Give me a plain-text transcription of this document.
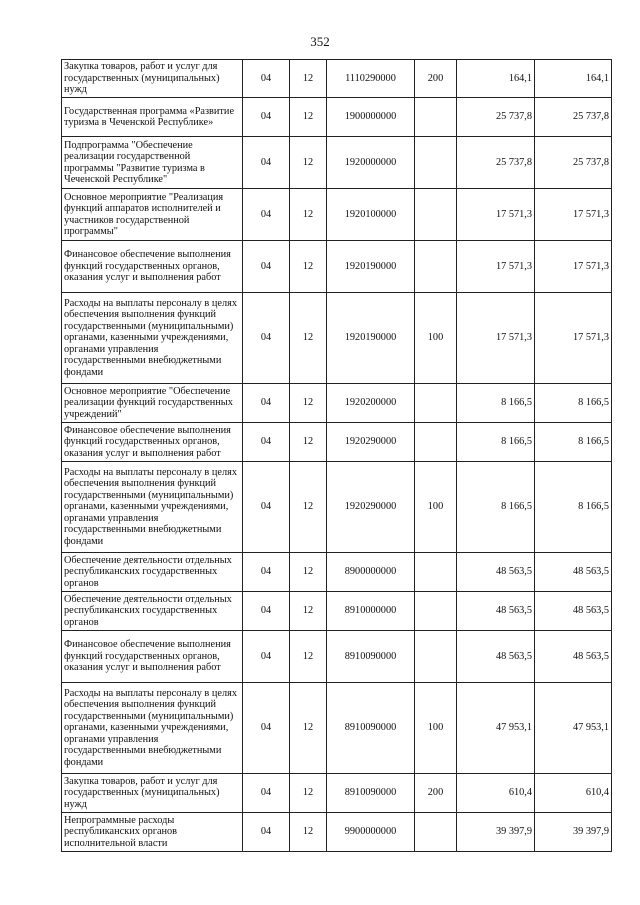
352
Закупка товаров, работ и услуг для государственных (муниципальных) нужд	04	12	1110290000	200	164,1	164,1
Государственная программа «Развитие туризма в Чеченской Республике»	04	12	1900000000		25 737,8	25 737,8
Подпрограмма "Обеспечение реализации государственной программы "Развитие туризма в Чеченской Республике"	04	12	1920000000		25 737,8	25 737,8
Основное мероприятие "Реализация функций аппаратов исполнителей и участников государственной программы"	04	12	1920100000		17 571,3	17 571,3
Финансовое обеспечение выполнения функций государственных органов, оказания услуг и выполнения работ	04	12	1920190000		17 571,3	17 571,3
Расходы на выплаты персоналу в целях обеспечения выполнения функций государственными (муниципальными) органами, казенными учреждениями, органами управления государственными внебюджетными фондами	04	12	1920190000	100	17 571,3	17 571,3
Основное мероприятие "Обеспечение реализации функций государственных учреждений"	04	12	1920200000		8 166,5	8 166,5
Финансовое обеспечение выполнения функций государственных органов, оказания услуг и выполнения работ	04	12	1920290000		8 166,5	8 166,5
Расходы на выплаты персоналу в целях обеспечения выполнения функций государственными (муниципальными) органами, казенными учреждениями, органами управления государственными внебюджетными фондами	04	12	1920290000	100	8 166,5	8 166,5
Обеспечение деятельности отдельных республиканских государственных органов	04	12	8900000000		48 563,5	48 563,5
Обеспечение деятельности отдельных республиканских государственных органов	04	12	8910000000		48 563,5	48 563,5
Финансовое обеспечение выполнения функций государственных органов, оказания услуг и выполнения работ	04	12	8910090000		48 563,5	48 563,5
Расходы на выплаты персоналу в целях обеспечения выполнения функций государственными (муниципальными) органами, казенными учреждениями, органами управления государственными внебюджетными фондами	04	12	8910090000	100	47 953,1	47 953,1
Закупка товаров, работ и услуг для государственных (муниципальных) нужд	04	12	8910090000	200	610,4	610,4
Непрограммные расходы республиканских органов исполнительной власти	04	12	9900000000		39 397,9	39 397,9
